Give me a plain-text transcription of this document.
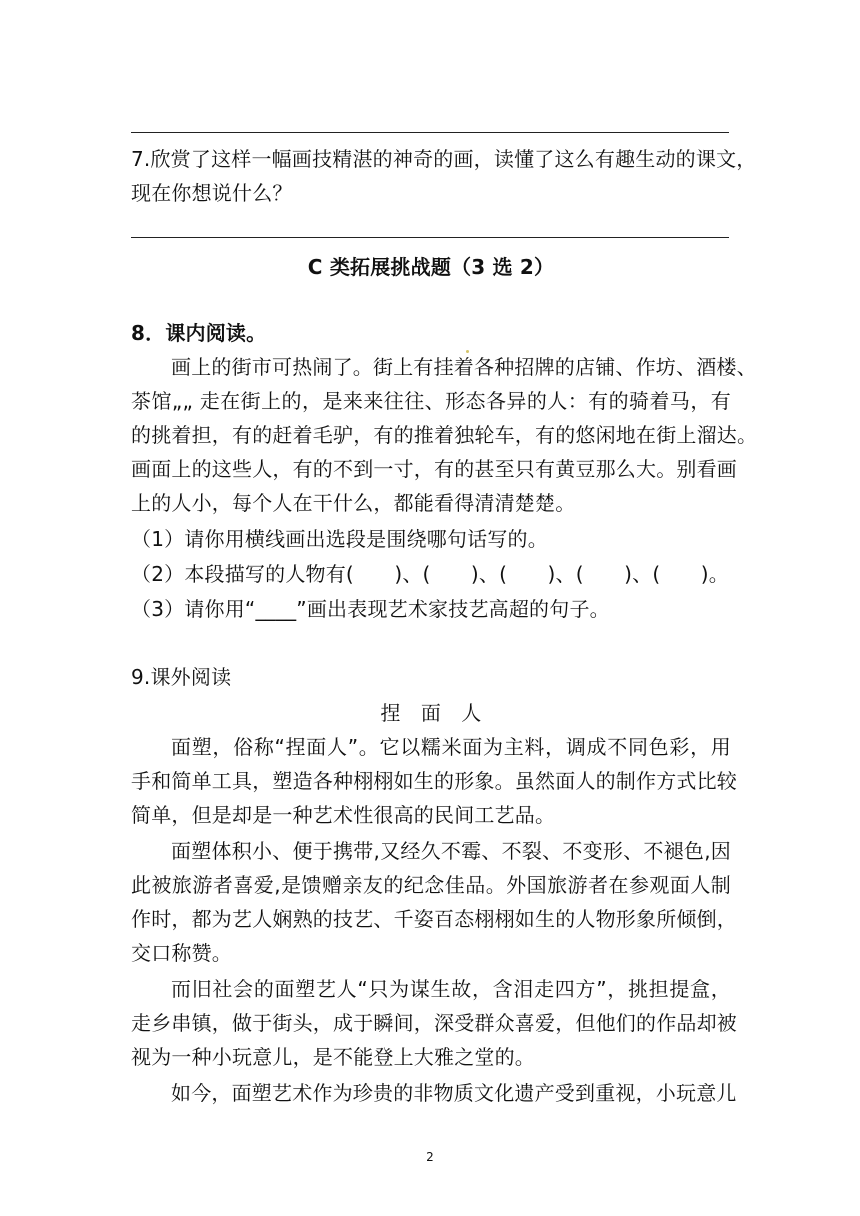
7.欣赏了这样一幅画技精湛的神奇的画，读懂了这么有趣生动的课文，
现在你想说什么？
C 类拓展挑战题（3 选 2）
8．课内阅读。
画上的街市可热闹了。街上有挂着各种招牌的店铺、作坊、酒楼、
茶馆„„ 走在街上的，是来来往往、形态各异的人：有的骑着马，有
的挑着担，有的赶着毛驴，有的推着独轮车，有的悠闲地在街上溜达。
画面上的这些人，有的不到一寸，有的甚至只有黄豆那么大。别看画
上的人小，每个人在干什么，都能看得清清楚楚。
（1）请你用横线画出选段是围绕哪句话写的。
（2）本段描写的人物有(　　)、(　　)、(　　)、(　　)、(　　)。
（3）请你用“____”画出表现艺术家技艺高超的句子。
9.课外阅读
捏　面　人
面塑，俗称“捏面人”。它以糯米面为主料，调成不同色彩，用
手和简单工具，塑造各种栩栩如生的形象。虽然面人的制作方式比较
简单，但是却是一种艺术性很高的民间工艺品。
面塑体积小、便于携带,又经久不霉、不裂、不变形、不褪色,因
此被旅游者喜爱,是馈赠亲友的纪念佳品。外国旅游者在参观面人制
作时，都为艺人娴熟的技艺、千姿百态栩栩如生的人物形象所倾倒，
交口称赞。
而旧社会的面塑艺人“只为谋生故，含泪走四方”，挑担提盒，
走乡串镇，做于街头，成于瞬间，深受群众喜爱，但他们的作品却被
视为一种小玩意儿，是不能登上大雅之堂的。
如今，面塑艺术作为珍贵的非物质文化遗产受到重视，小玩意儿
2
